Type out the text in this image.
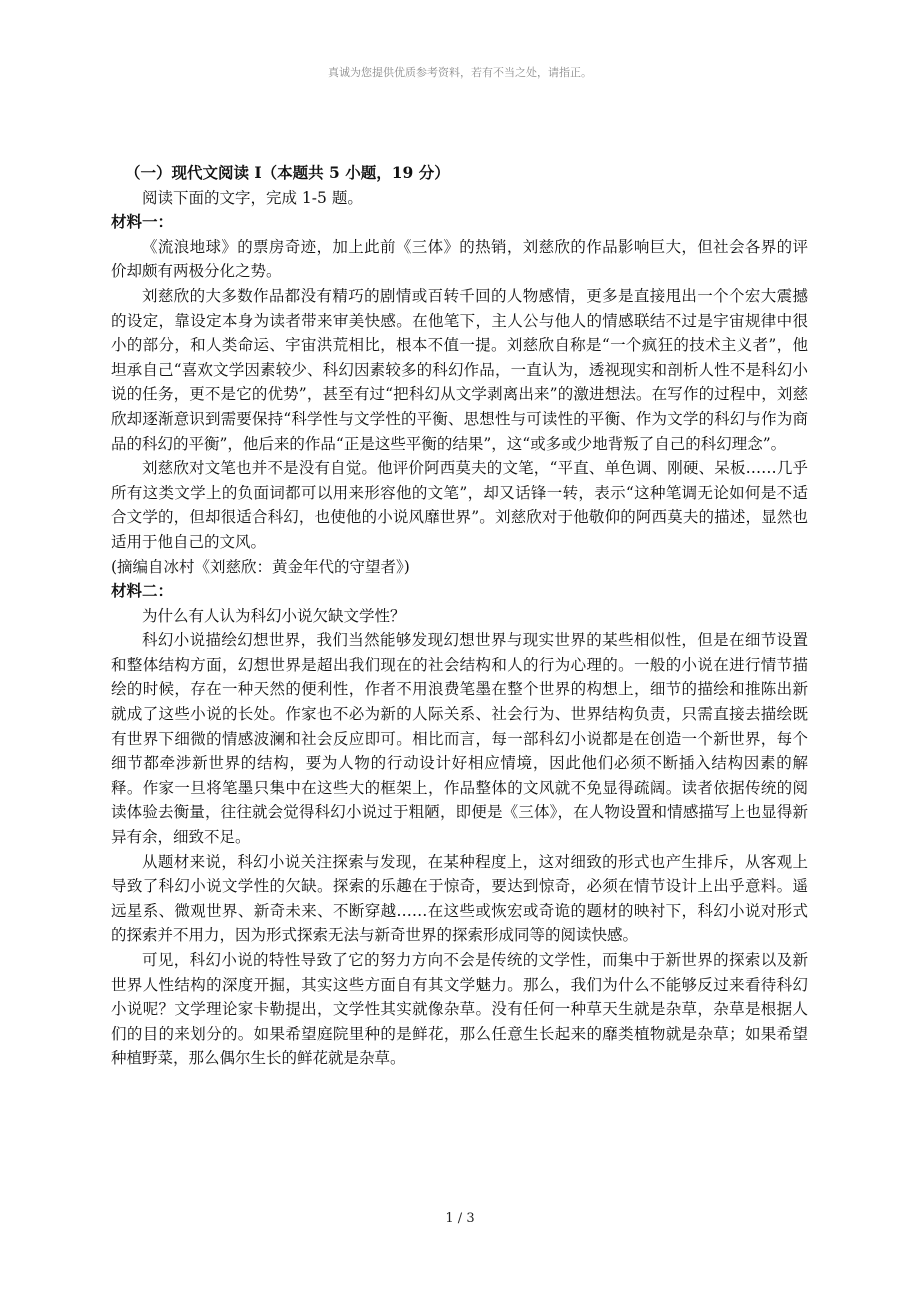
真诚为您提供优质参考资料，若有不当之处，请指正。

（一）现代文阅读 I（本题共 5 小题，19 分）

阅读下面的文字，完成 1-5 题。

材料一：

《流浪地球》的票房奇迹，加上此前《三体》的热销，刘慈欣的作品影响巨大，但社会各界的评价却颇有两极分化之势。

刘慈欣的大多数作品都没有精巧的剧情或百转千回的人物感情，更多是直接甩出一个个宏大震撼的设定，靠设定本身为读者带来审美快感。在他笔下，主人公与他人的情感联结不过是宇宙规律中很小的部分，和人类命运、宇宙洪荒相比，根本不值一提。刘慈欣自称是“一个疯狂的技术主义者”，他坦承自己“喜欢文学因素较少、科幻因素较多的科幻作品，一直认为，透视现实和剖析人性不是科幻小说的任务，更不是它的优势”，甚至有过“把科幻从文学剥离出来”的激进想法。在写作的过程中，刘慈欣却逐渐意识到需要保持“科学性与文学性的平衡、思想性与可读性的平衡、作为文学的科幻与作为商品的科幻的平衡”，他后来的作品“正是这些平衡的结果”，这“或多或少地背叛了自己的科幻理念”。

刘慈欣对文笔也并不是没有自觉。他评价阿西莫夫的文笔，“平直、单色调、刚硬、呆板……几乎所有这类文学上的负面词都可以用来形容他的文笔”，却又话锋一转，表示“这种笔调无论如何是不适合文学的，但却很适合科幻，也使他的小说风靡世界”。刘慈欣对于他敬仰的阿西莫夫的描述，显然也适用于他自己的文风。

(摘编自冰村《刘慈欣：黄金年代的守望者》)

材料二：

为什么有人认为科幻小说欠缺文学性？

科幻小说描绘幻想世界，我们当然能够发现幻想世界与现实世界的某些相似性，但是在细节设置和整体结构方面，幻想世界是超出我们现在的社会结构和人的行为心理的。一般的小说在进行情节描绘的时候，存在一种天然的便利性，作者不用浪费笔墨在整个世界的构想上，细节的描绘和推陈出新就成了这些小说的长处。作家也不必为新的人际关系、社会行为、世界结构负责，只需直接去描绘既有世界下细微的情感波澜和社会反应即可。相比而言，每一部科幻小说都是在创造一个新世界，每个细节都牵涉新世界的结构，要为人物的行动设计好相应情境，因此他们必须不断插入结构因素的解释。作家一旦将笔墨只集中在这些大的框架上，作品整体的文风就不免显得疏阔。读者依据传统的阅读体验去衡量，往往就会觉得科幻小说过于粗陋，即便是《三体》，在人物设置和情感描写上也显得新异有余，细致不足。

从题材来说，科幻小说关注探索与发现，在某种程度上，这对细致的形式也产生排斥，从客观上导致了科幻小说文学性的欠缺。探索的乐趣在于惊奇，要达到惊奇，必须在情节设计上出乎意料。遥远星系、微观世界、新奇未来、不断穿越……在这些或恢宏或奇诡的题材的映衬下，科幻小说对形式的探索并不用力，因为形式探索无法与新奇世界的探索形成同等的阅读快感。

可见，科幻小说的特性导致了它的努力方向不会是传统的文学性，而集中于新世界的探索以及新世界人性结构的深度开掘，其实这些方面自有其文学魅力。那么，我们为什么不能够反过来看待科幻小说呢？文学理论家卡勒提出，文学性其实就像杂草。没有任何一种草天生就是杂草，杂草是根据人们的目的来划分的。如果希望庭院里种的是鲜花，那么任意生长起来的靡类植物就是杂草；如果希望种植野菜，那么偶尔生长的鲜花就是杂草。

1 / 3
